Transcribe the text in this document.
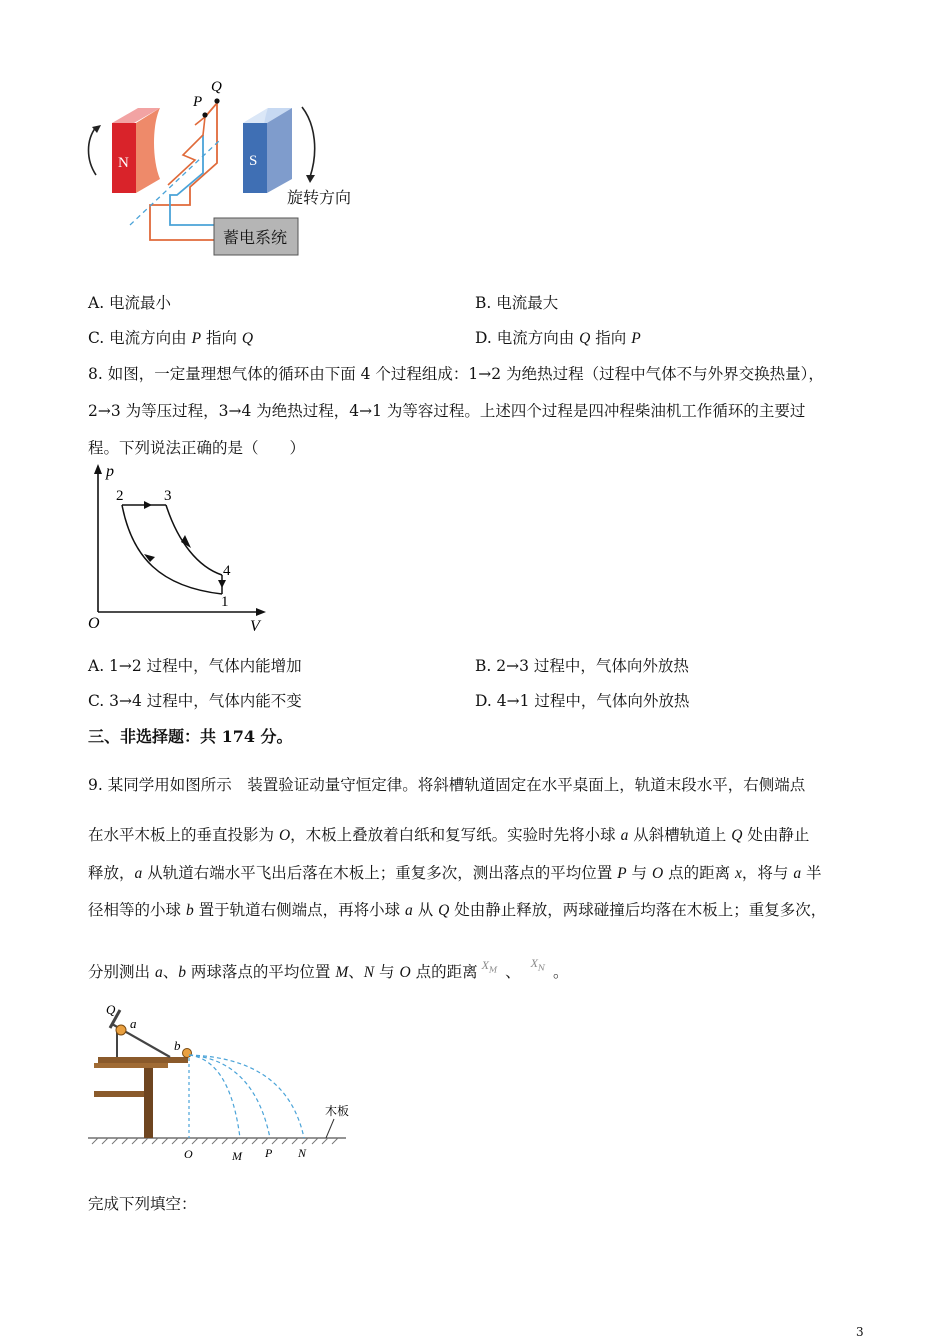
N	S
P
Q
蓄电系统
旋转方向
A. 电流最小	B. 电流最大
C. 电流方向由 P 指向 Q	D. 电流方向由 Q 指向 P
8. 如图，一定量理想气体的循环由下面 4 个过程组成：1→2 为绝热过程（过程中气体不与外界交换热量），
2→3 为等压过程，3→4 为绝热过程，4→1 为等容过程。上述四个过程是四冲程柴油机工作循环的主要过
程。下列说法正确的是（　　）
p
V
O
1
2	3
4
A. 1→2 过程中，气体内能增加	B. 2→3 过程中，气体向外放热
C. 3→4 过程中，气体内能不变	D. 4→1 过程中，气体向外放热
三、非选择题：共 174 分。
9. 某同学用如图所示　装置验证动量守恒定律。将斜槽轨道固定在水平桌面上，轨道末段水平，右侧端点
在水平木板上的垂直投影为 O，木板上叠放着白纸和复写纸。实验时先将小球 a 从斜槽轨道上 Q 处由静止
释放，a 从轨道右端水平飞出后落在木板上；重复多次，测出落点的平均位置 P 与 O 点的距离 x，将与 a 半
径相等的小球 b 置于轨道右侧端点，再将小球 a 从 Q 处由静止释放，两球碰撞后均落在木板上；重复多次，
分别测出 a、b 两球落点的平均位置 M、N 与 O 点的距离 $^{X_M}$ 、 $^{X_N}$ 。
Q
a
b
木板
O	M P N
完成下列填空：
3
